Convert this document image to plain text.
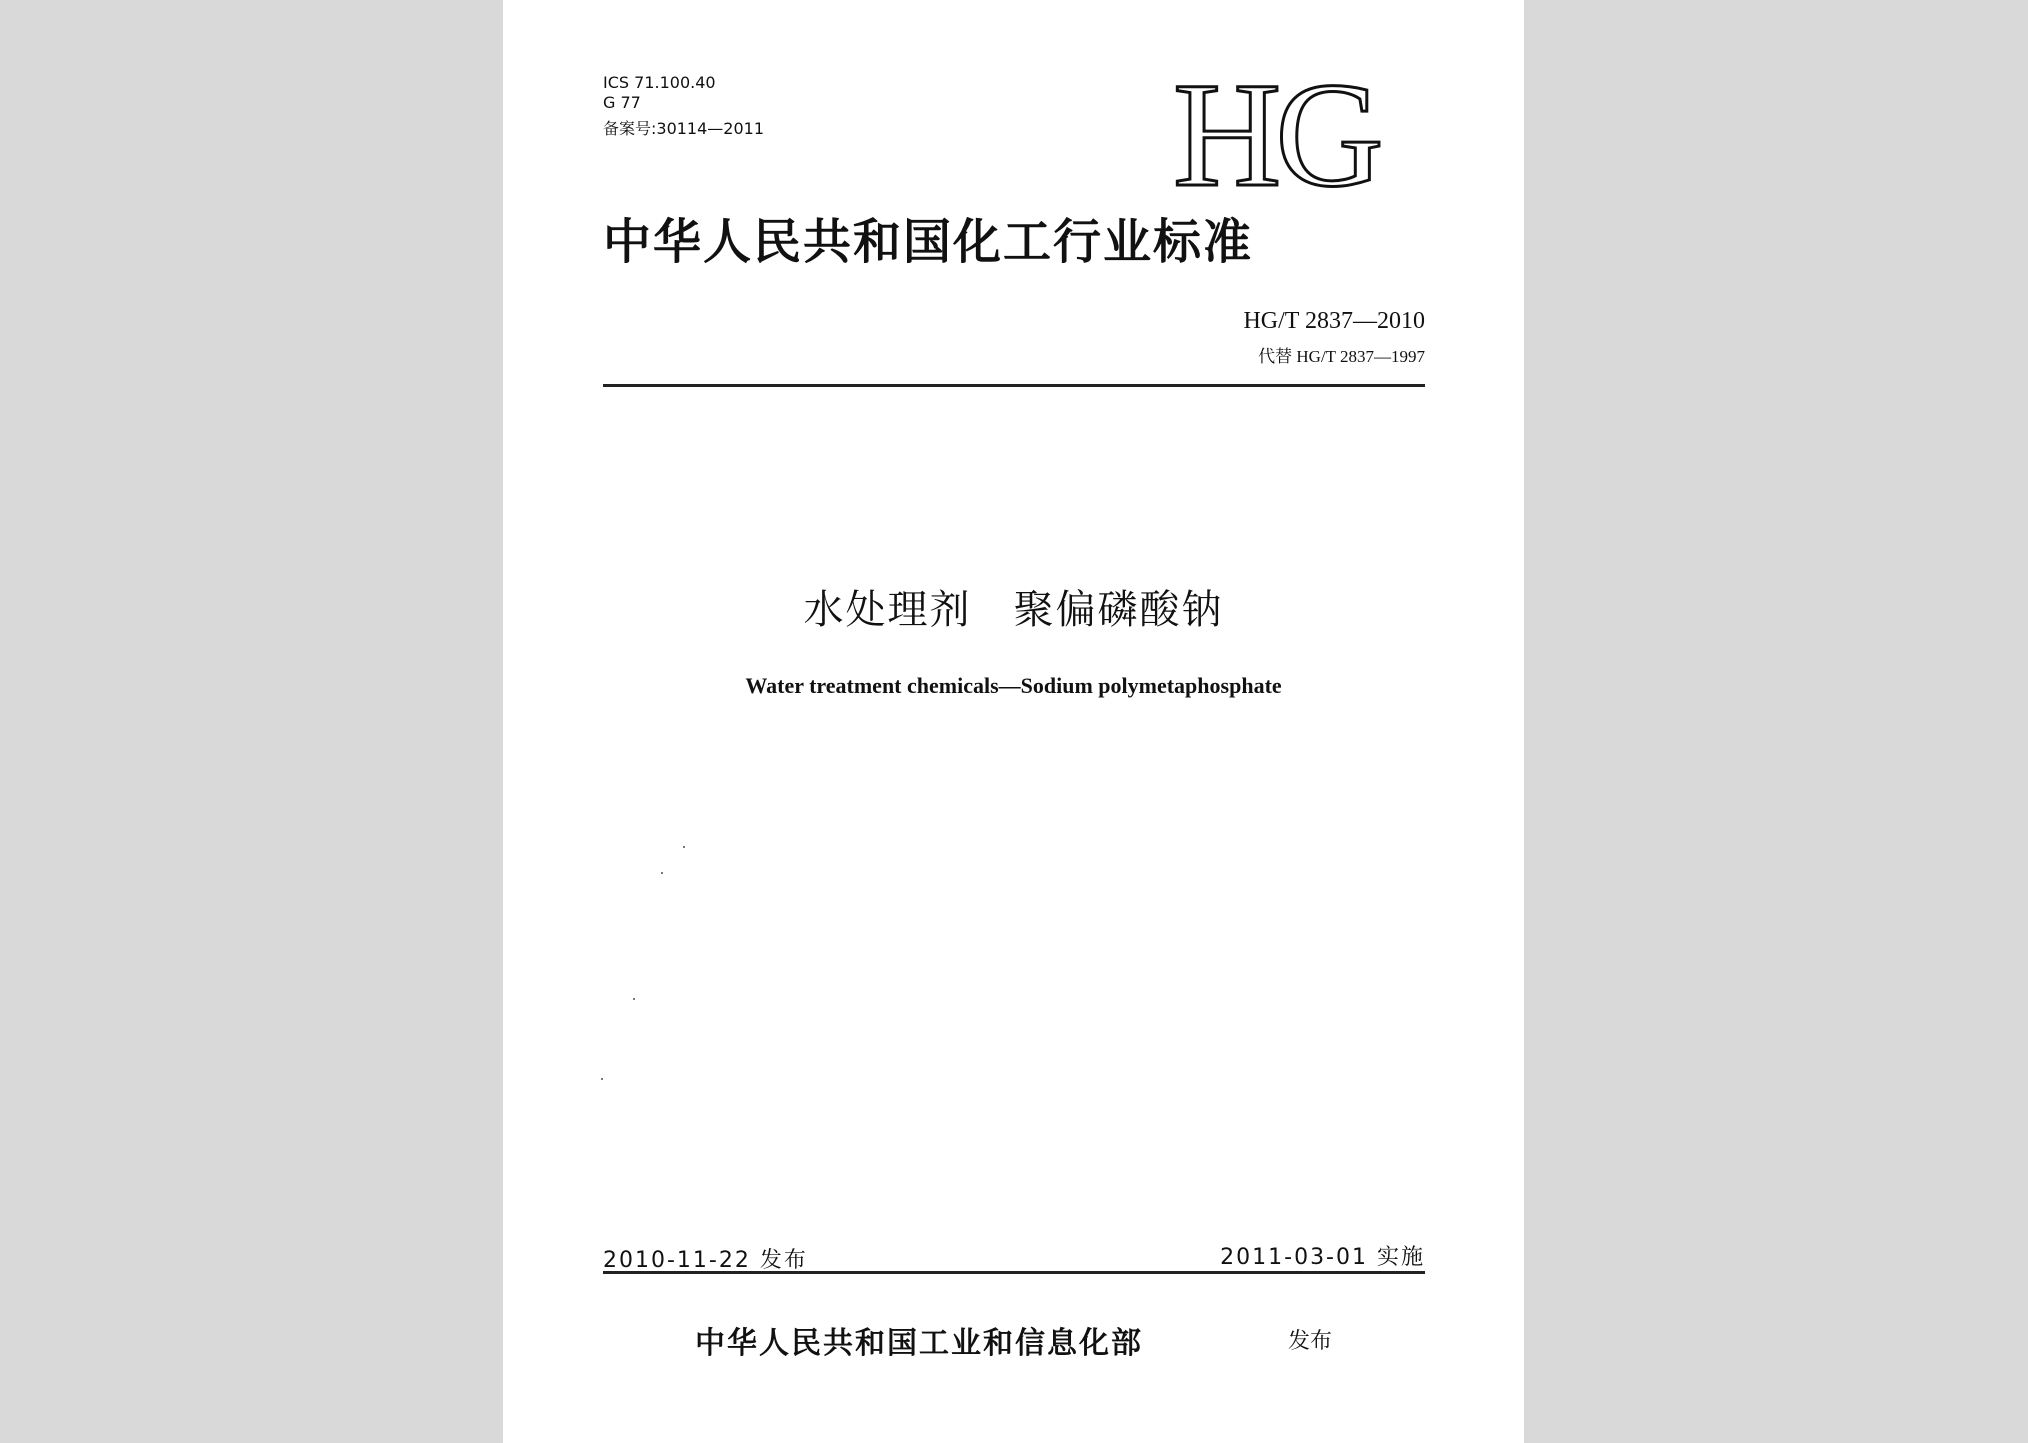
ICS 71.100.40
G 77
备案号:30114—2011	HG
中华人民共和国化工行业标准
HG/T 2837—2010
代替 HG/T 2837—1997
水处理剂　聚偏磷酸钠
Water treatment chemicals—Sodium polymetaphosphate
2010-11-22 发布	2011-03-01 实施
中华人民共和国工业和信息化部	发布
